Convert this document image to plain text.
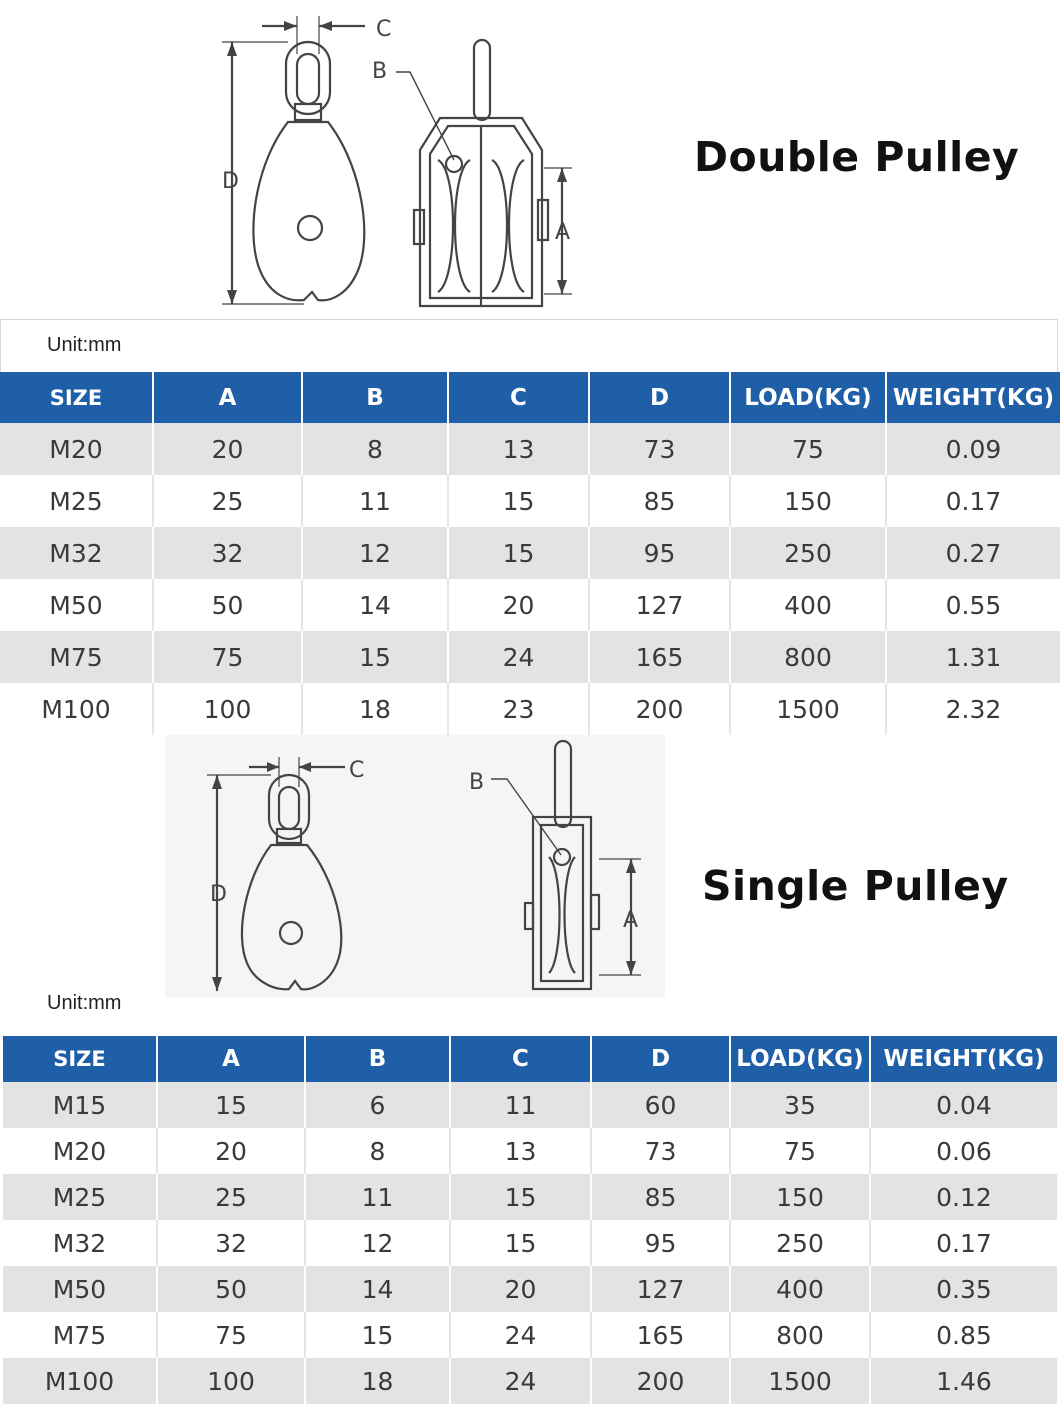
C
B
D
A
Double Pulley
Unit:mm
SIZE	A	B	C	D	LOAD(KG)	WEIGHT(KG)
M20	20	8	13	73	75	0.09
M25	25	11	15	85	150	0.17
M32	32	12	15	95	250	0.27
M50	50	14	20	127	400	0.55
M75	75	15	24	165	800	1.31
M100	100	18	23	200	1500	2.32
C	B
D
A
Single Pulley
Unit:mm
SIZE	A	B	C	D	LOAD(KG)	WEIGHT(KG)
M15	15	6	11	60	35	0.04
M20	20	8	13	73	75	0.06
M25	25	11	15	85	150	0.12
M32	32	12	15	95	250	0.17
M50	50	14	20	127	400	0.35
M75	75	15	24	165	800	0.85
M100	100	18	24	200	1500	1.46
